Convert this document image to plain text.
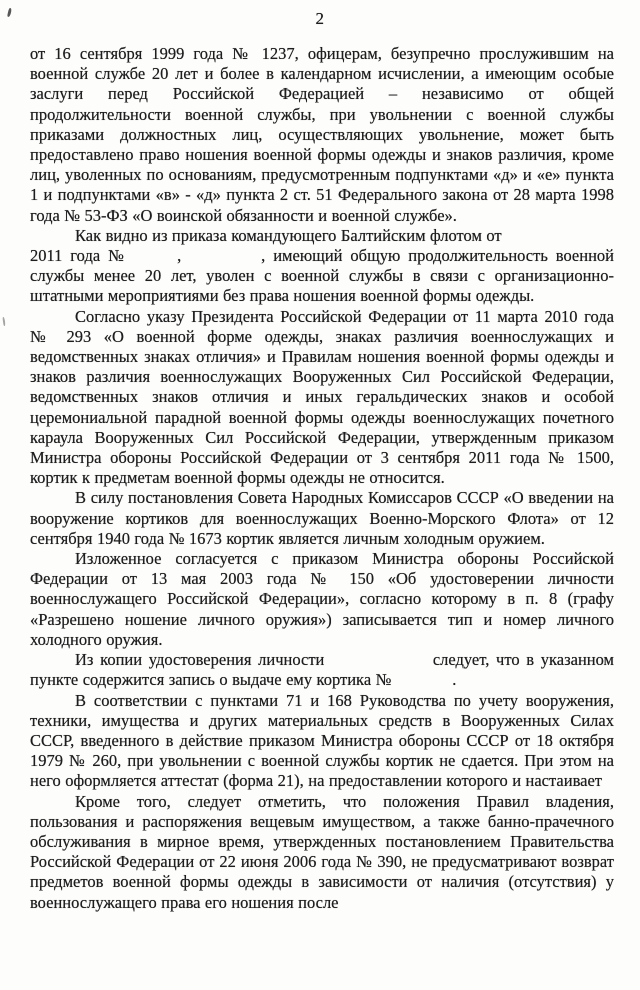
2

от 16 сентября 1999 года № 1237, офицерам, безупречно прослужившим на военной службе 20 лет и более в календарном исчислении, а имеющим особые заслуги перед Российской Федерацией – независимо от общей продолжительности военной службы, при увольнении с военной службы приказами должностных лиц, осуществляющих увольнение, может быть предоставлено право ношения военной формы одежды и знаков различия, кроме лиц, уволенных по основаниям, предусмотренным подпунктами «д» и «е» пункта 1 и подпунктами «в» - «д» пункта 2 ст. 51 Федерального закона от 28 марта 1998 года № 53-ФЗ «О воинской обязанности и военной службе».

Как видно из приказа командующего Балтийским флотом от
2011 года №	,	, имеющий общую продолжительность военной службы менее 20 лет, уволен с военной службы в связи с организационно-штатными мероприятиями без права ношения военной формы одежды.

Согласно указу Президента Российской Федерации от 11 марта 2010 года № 293 «О военной форме одежды, знаках различия военнослужащих и ведомственных знаках отличия» и Правилам ношения военной формы одежды и знаков различия военнослужащих Вооруженных Сил Российской Федерации, ведомственных знаков отличия и иных геральдических знаков и особой церемониальной парадной военной формы одежды военнослужащих почетного караула Вооруженных Сил Российской Федерации, утвержденным приказом Министра обороны Российской Федерации от 3 сентября 2011 года № 1500, кортик к предметам военной формы одежды не относится.

В силу постановления Совета Народных Комиссаров СССР «О введении на вооружение кортиков для военнослужащих Военно-Морского Флота» от 12 сентября 1940 года № 1673 кортик является личным холодным оружием.

Изложенное согласуется с приказом Министра обороны Российской Федерации от 13 мая 2003 года № 150 «Об удостоверении личности военнослужащего Российской Федерации», согласно которому в п. 8 (графу «Разрешено ношение личного оружия») записывается тип и номер личного холодного оружия.

Из копии удостоверения личности	следует, что в указанном пункте содержится запись о выдаче ему кортика №	.

В соответствии с пунктами 71 и 168 Руководства по учету вооружения, техники, имущества и других материальных средств в Вооруженных Силах СССР, введенного в действие приказом Министра обороны СССР от 18 октября 1979 № 260, при увольнении с военной службы кортик не сдается. При этом на него оформляется аттестат (форма 21), на предоставлении которого и настаивает

Кроме того, следует отметить, что положения Правил владения, пользования и распоряжения вещевым имуществом, а также банно-прачечного обслуживания в мирное время, утвержденных постановлением Правительства Российской Федерации от 22 июня 2006 года № 390, не предусматривают возврат предметов военной формы одежды в зависимости от наличия (отсутствия) у военнослужащего права его ношения после
